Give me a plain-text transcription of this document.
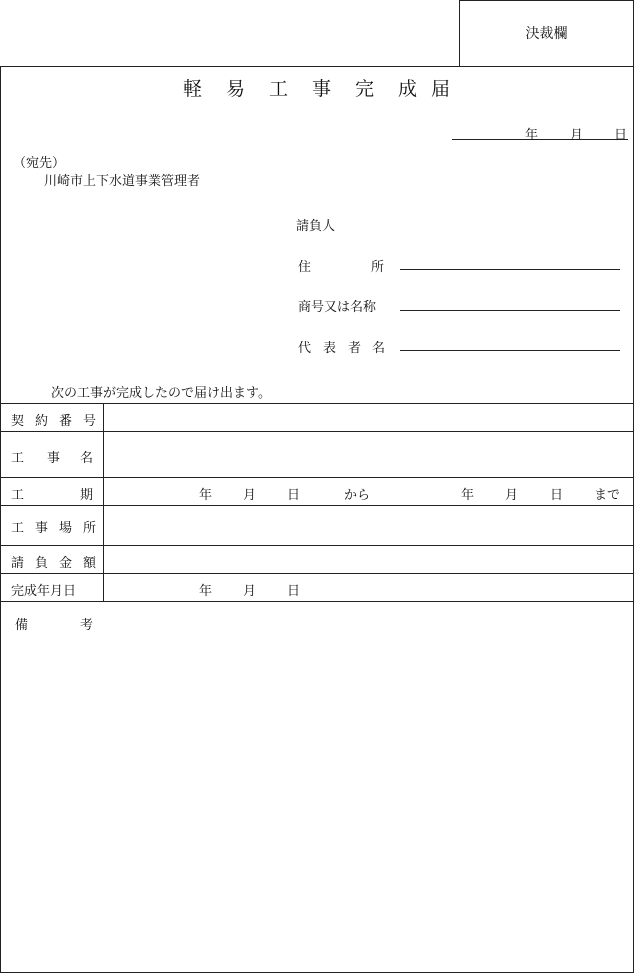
決裁欄
軽 易 工 事 完 成 届
年 月 日
（宛先）
川崎市上下水道事業管理者
請負人
住	所
商号又は名称
代 表 者 名
次の工事が完成したので届け出ます。
契 約 番 号
工 事 名
工	期	年 月 日	から	年 月 日 まで
工 事 場 所
請 負 金 額
完成年月日	年 月 日
備	考
